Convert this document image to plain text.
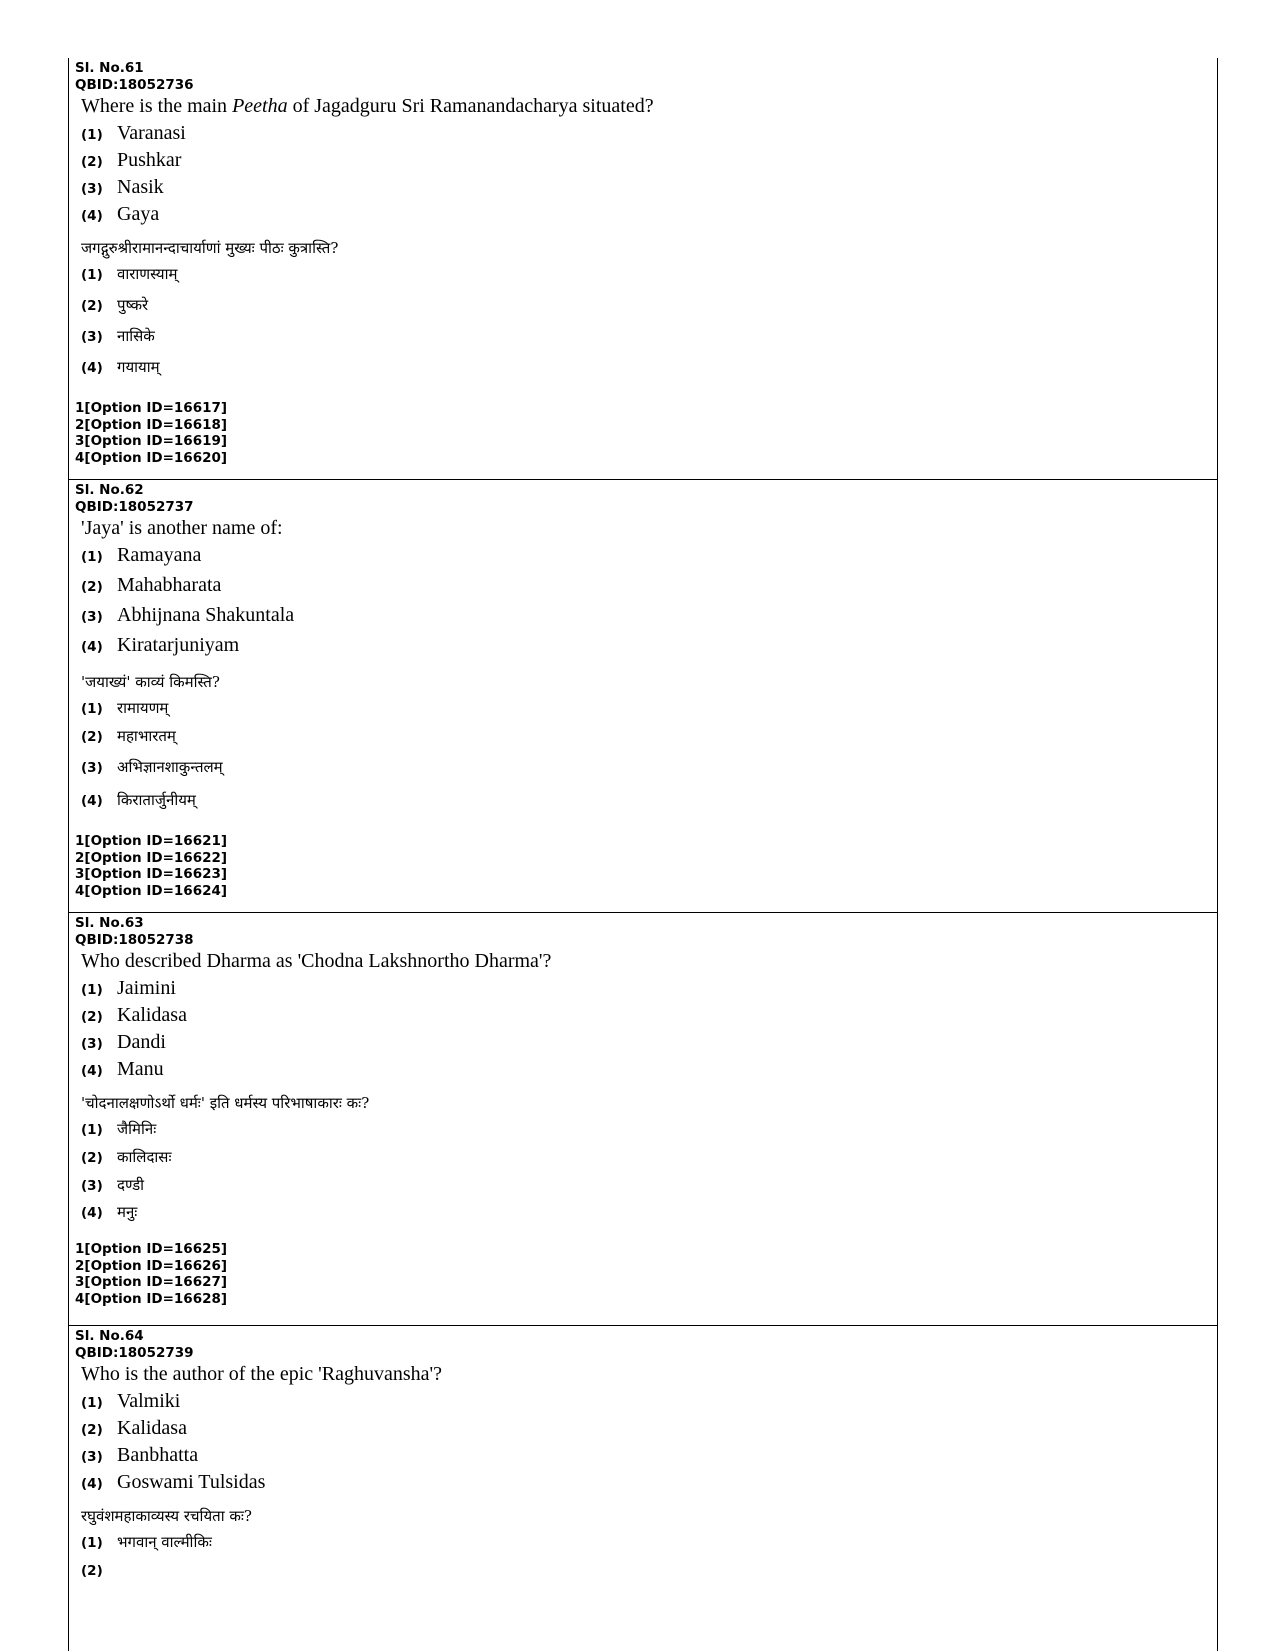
Sl. No.61
QBID:18052736
Where is the main Peetha of Jagadguru Sri Ramanandacharya situated?
(1) Varanasi
(2) Pushkar
(3) Nasik
(4) Gaya
जगद्गुरुश्रीरामानन्दाचार्याणां मुख्यः पीठः कुत्रास्ति?
(1) वाराणस्याम्
(2) पुष्करे
(3) नासिके
(4) गयायाम्
1[Option ID=16617]
2[Option ID=16618]
3[Option ID=16619]
4[Option ID=16620]
Sl. No.62
QBID:18052737
'Jaya' is another name of:
(1) Ramayana
(2) Mahabharata
(3) Abhijnana Shakuntala
(4) Kiratarjuniyam
'जयाख्यं' काव्यं किमस्ति?
(1) रामायणम्
(2) महाभारतम्
(3) अभिज्ञानशाकुन्तलम्
(4) किरातार्जुनीयम्
1[Option ID=16621]
2[Option ID=16622]
3[Option ID=16623]
4[Option ID=16624]
Sl. No.63
QBID:18052738
Who described Dharma as 'Chodna Lakshnortho Dharma'?
(1) Jaimini
(2) Kalidasa
(3) Dandi
(4) Manu
'चोदनालक्षणोऽर्थो धर्मः' इति धर्मस्य परिभाषाकारः कः?
(1) जैमिनिः
(2) कालिदासः
(3) दण्डी
(4) मनुः
1[Option ID=16625]
2[Option ID=16626]
3[Option ID=16627]
4[Option ID=16628]
Sl. No.64
QBID:18052739
Who is the author of the epic 'Raghuvansha'?
(1) Valmiki
(2) Kalidasa
(3) Banbhatta
(4) Goswami Tulsidas
रघुवंशमहाकाव्यस्य रचयिता कः?
(1) भगवान् वाल्मीकिः
(2)
